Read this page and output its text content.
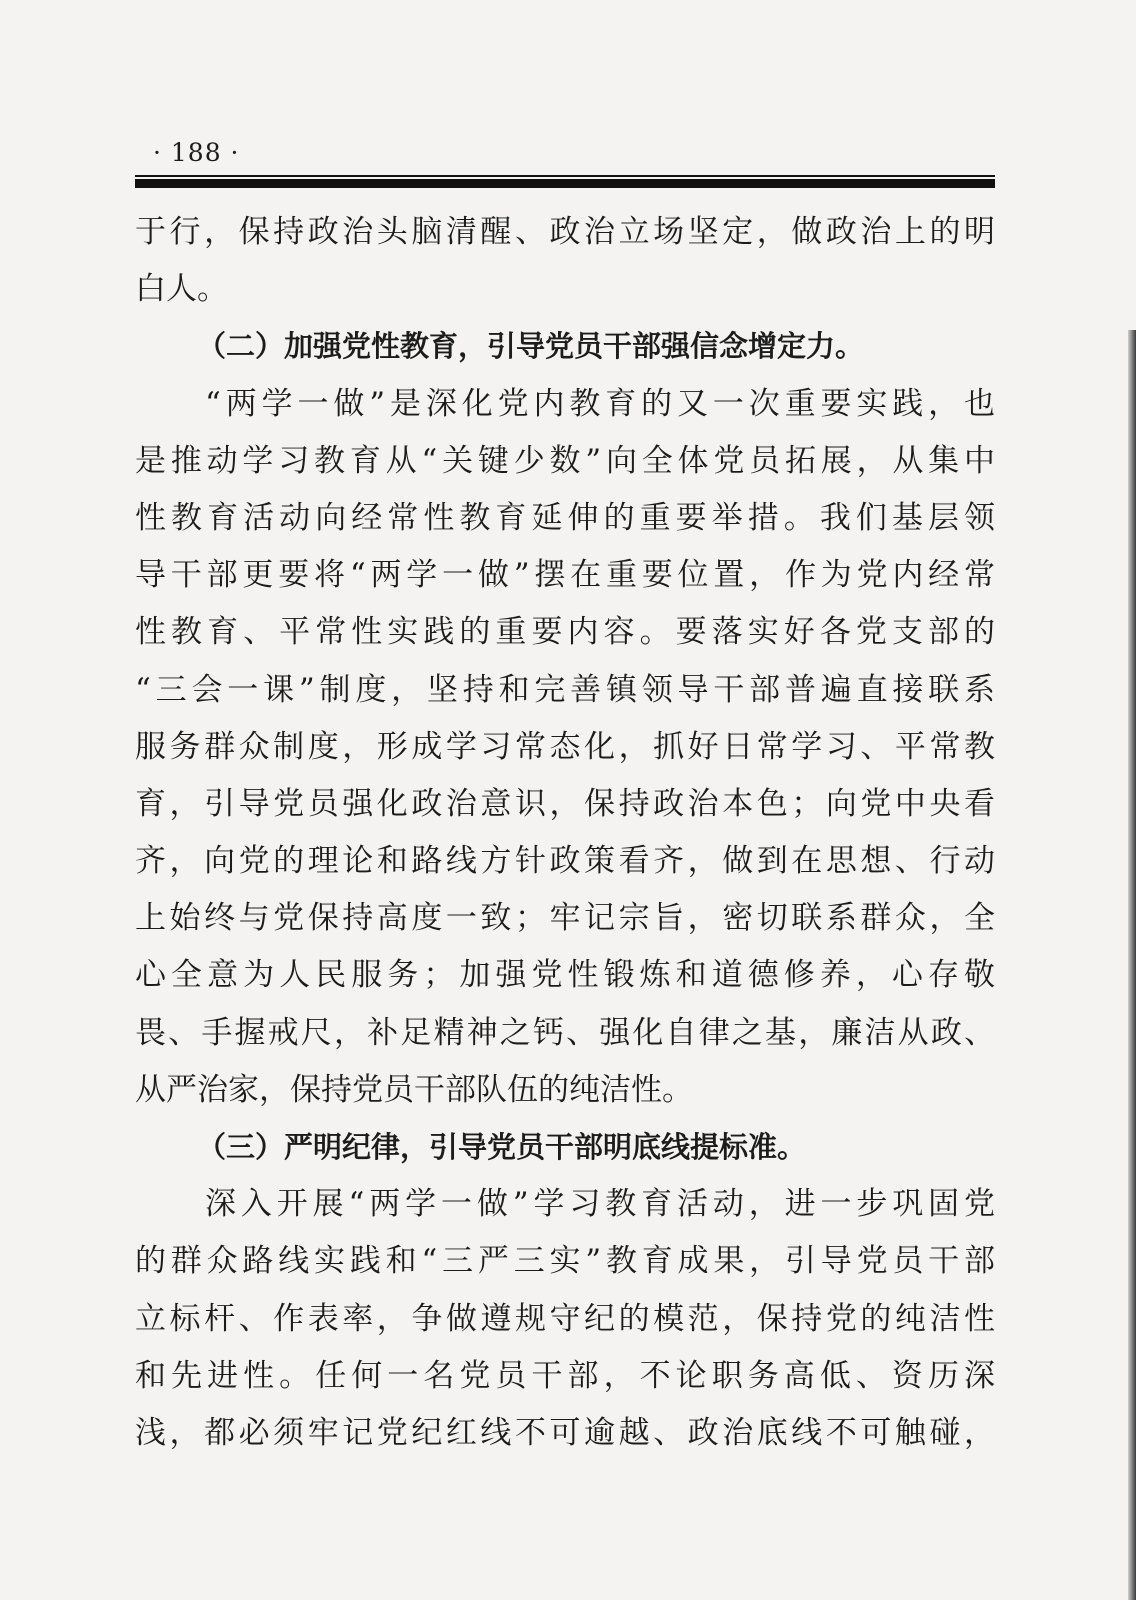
· 188 ·
于行，保持政治头脑清醒、政治立场坚定，做政治上的明
白人。
（二）加强党性教育，引导党员干部强信念增定力。
“两学一做”是深化党内教育的又一次重要实践，也
是推动学习教育从“关键少数”向全体党员拓展，从集中
性教育活动向经常性教育延伸的重要举措。我们基层领
导干部更要将“两学一做”摆在重要位置，作为党内经常
性教育、平常性实践的重要内容。要落实好各党支部的
“三会一课”制度，坚持和完善镇领导干部普遍直接联系
服务群众制度，形成学习常态化，抓好日常学习、平常教
育，引导党员强化政治意识，保持政治本色；向党中央看
齐，向党的理论和路线方针政策看齐，做到在思想、行动
上始终与党保持高度一致；牢记宗旨，密切联系群众，全
心全意为人民服务；加强党性锻炼和道德修养，心存敬
畏、手握戒尺，补足精神之钙、强化自律之基，廉洁从政、
从严治家，保持党员干部队伍的纯洁性。
（三）严明纪律，引导党员干部明底线提标准。
深入开展“两学一做”学习教育活动，进一步巩固党
的群众路线实践和“三严三实”教育成果，引导党员干部
立标杆、作表率，争做遵规守纪的模范，保持党的纯洁性
和先进性。任何一名党员干部，不论职务高低、资历深
浅，都必须牢记党纪红线不可逾越、政治底线不可触碰，
